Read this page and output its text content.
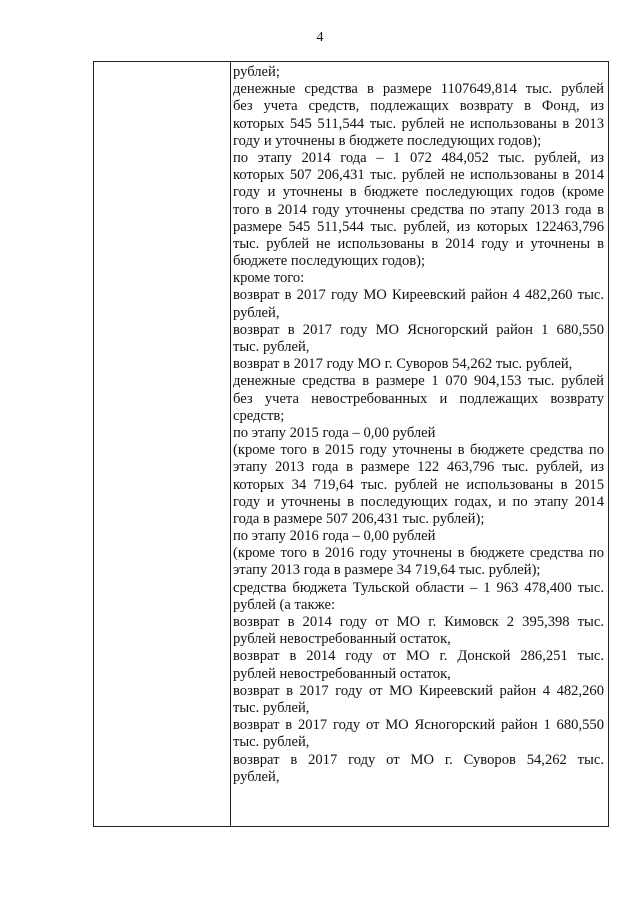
4
рублей;
денежные средства в размере 1107649,814 тыс. рублей
без учета средств, подлежащих возврату в Фонд, из
которых 545 511,544 тыс. рублей не использованы в 2013
году и уточнены в бюджете последующих годов);
по этапу 2014 года – 1 072 484,052 тыс. рублей, из
которых 507 206,431 тыс. рублей не использованы в 2014
году и уточнены в бюджете последующих годов (кроме
того в 2014 году уточнены средства по этапу 2013 года в
размере 545 511,544 тыс. рублей, из которых 122463,796
тыс. рублей не использованы в 2014 году и уточнены в
бюджете последующих годов);
кроме того:
возврат в 2017 году МО Киреевский район 4 482,260 тыс.
рублей,
возврат в 2017 году МО Ясногорский район 1 680,550
тыс. рублей,
возврат в 2017 году МО г. Суворов 54,262 тыс. рублей,
денежные средства в размере 1 070 904,153 тыс. рублей
без учета невостребованных и подлежащих возврату
средств;
по этапу 2015 года – 0,00 рублей
(кроме того в 2015 году уточнены в бюджете средства по
этапу 2013 года в размере 122 463,796 тыс. рублей, из
которых 34 719,64 тыс. рублей не использованы в 2015
году и уточнены в последующих годах, и по этапу 2014
года в размере 507 206,431 тыс. рублей);
по этапу 2016 года – 0,00 рублей
(кроме того в 2016 году уточнены в бюджете средства по
этапу 2013 года в размере 34 719,64 тыс. рублей);
средства бюджета Тульской области – 1 963 478,400 тыс.
рублей (а также:
возврат в 2014 году от МО г. Кимовск 2 395,398 тыс.
рублей невостребованный остаток,
возврат в 2014 году от МО г. Донской 286,251 тыс.
рублей невостребованный остаток,
возврат в 2017 году от МО Киреевский район 4 482,260
тыс. рублей,
возврат в 2017 году от МО Ясногорский район 1 680,550
тыс. рублей,
возврат в 2017 году от МО г. Суворов 54,262 тыс.
рублей,
